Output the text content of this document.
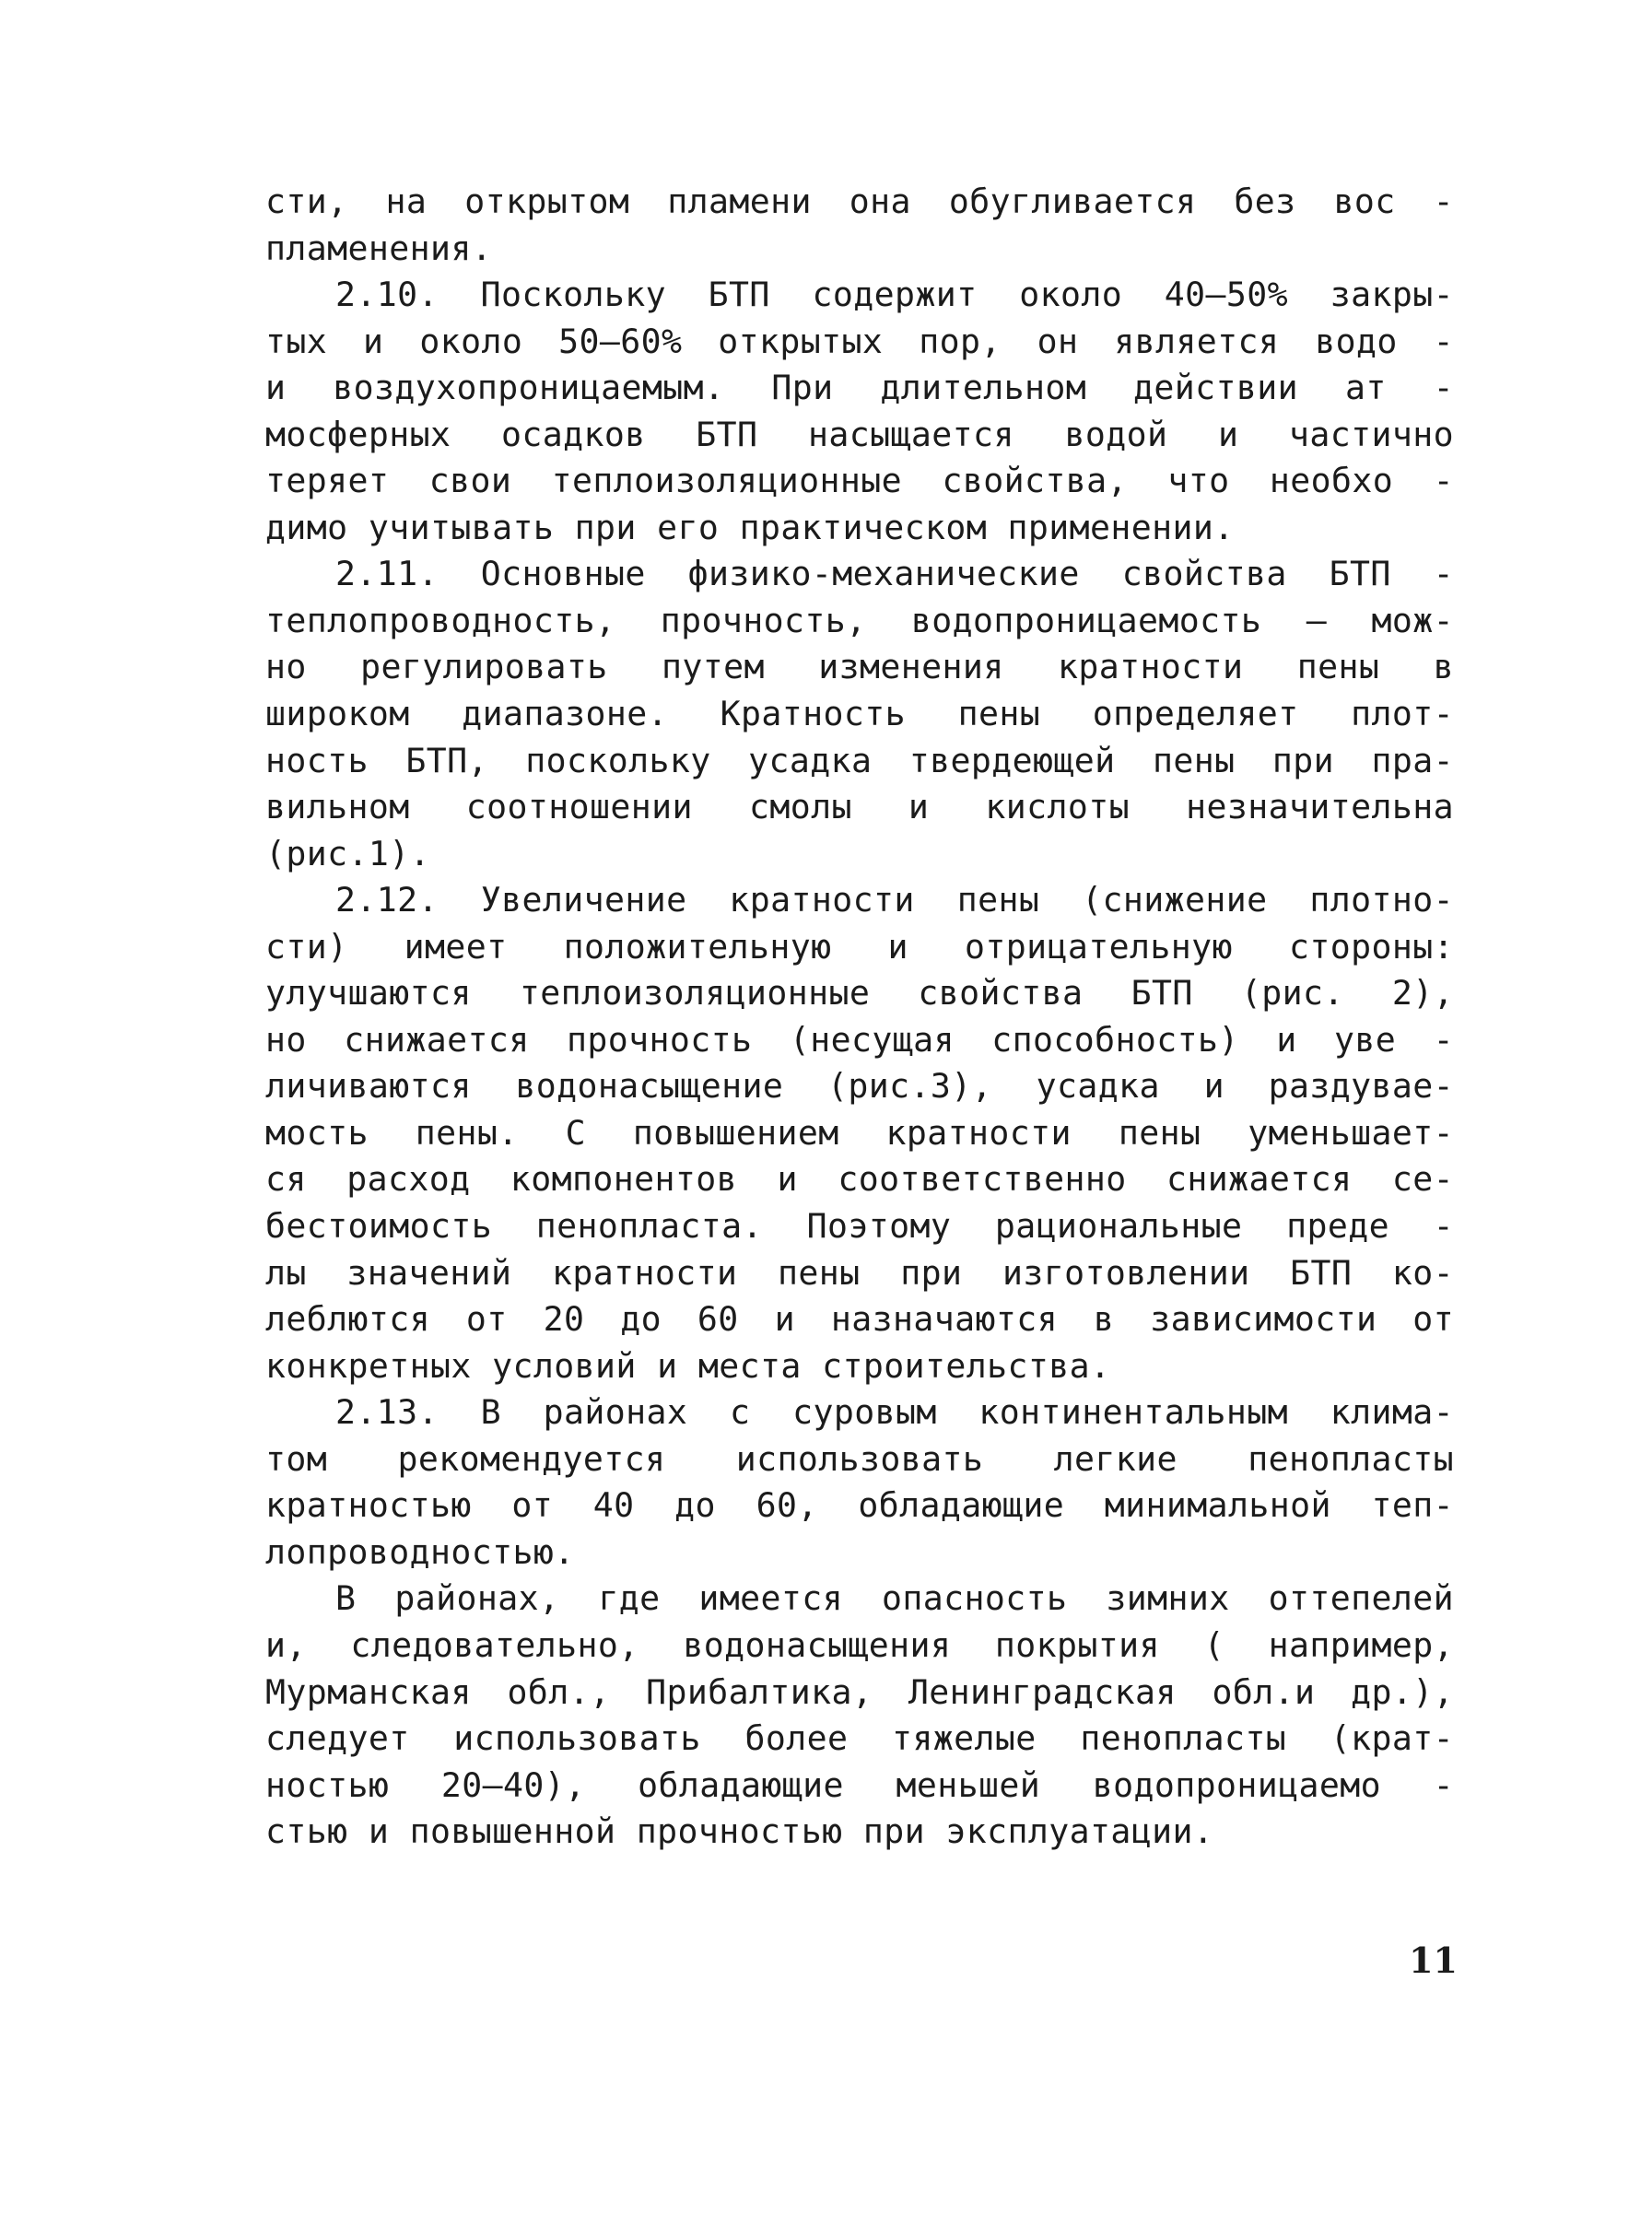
сти, на открытом пламени она обугливается без вос -
пламенения.
2.10. Поскольку БТП содержит около 40–50% закры-
тых и около 50–60% открытых пор, он является водо -
и воздухопроницаемым. При длительном действии ат -
мосферных осадков БТП насыщается водой и частично
теряет свои теплоизоляционные свойства, что необхо -
димо учитывать при его практическом применении.
2.11. Основные физико-механические свойства БТП -
теплопроводность, прочность, водопроницаемость – мож-
но регулировать путем изменения кратности пены в
широком диапазоне. Кратность пены определяет плот-
ность БТП, поскольку усадка твердеющей пены при пра-
вильном соотношении смолы и кислоты незначительна
(рис.1).
2.12. Увеличение кратности пены (снижение плотно-
сти) имеет положительную и отрицательную стороны:
улучшаются теплоизоляционные свойства БТП (рис. 2),
но снижается прочность (несущая способность) и уве -
личиваются водонасыщение (рис.3), усадка и раздувае-
мость пены. С повышением кратности пены уменьшает-
ся расход компонентов и соответственно снижается се-
бестоимость пенопласта. Поэтому рациональные преде -
лы значений кратности пены при изготовлении БТП ко-
леблются от 20 до 60 и назначаются в зависимости от
конкретных условий и места строительства.
2.13. В районах с суровым континентальным клима-
том рекомендуется использовать легкие пенопласты
кратностью от 40 до 60, обладающие минимальной теп-
лопроводностью.
В районах, где имеется опасность зимних оттепелей
и, следовательно, водонасыщения покрытия ( например,
Мурманская обл., Прибалтика, Ленинградская обл.и др.),
следует использовать более тяжелые пенопласты (крат-
ностью 20–40), обладающие меньшей водопроницаемо -
стью и повышенной прочностью при эксплуатации.
11
